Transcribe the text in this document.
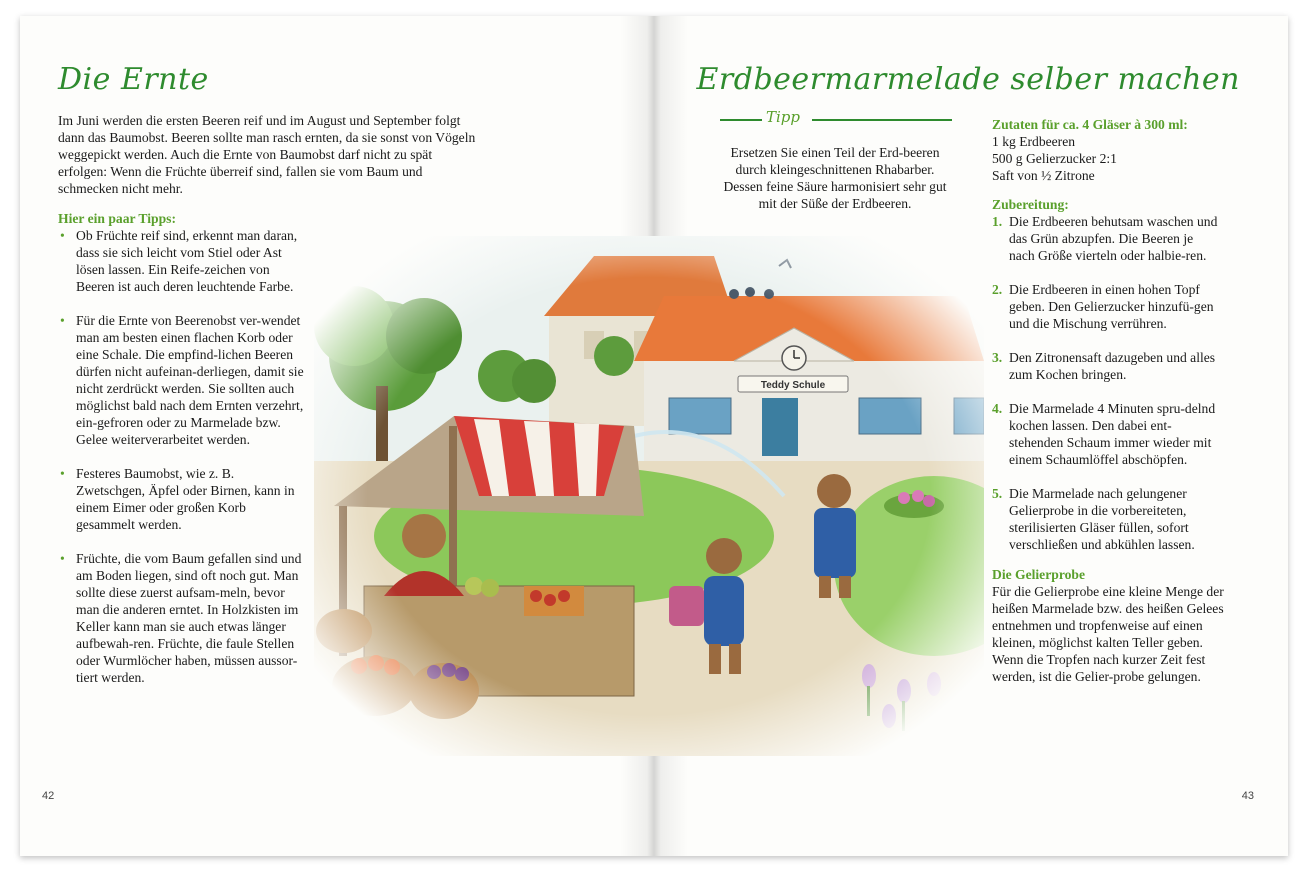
Die Ernte
Im Juni werden die ersten Beeren reif und im August und September folgt dann das Baumobst. Beeren sollte man rasch ernten, da sie sonst von Vögeln weggepickt werden. Auch die Ernte von Baumobst darf nicht zu spät erfolgen: Wenn die Früchte überreif sind, fallen sie vom Baum und schmecken nicht mehr.
Hier ein paar Tipps:
• Ob Früchte reif sind, erkennt man daran, dass sie sich leicht vom Stiel oder Ast lösen lassen. Ein Reife-zeichen von Beeren ist auch deren leuchtende Farbe.
• Für die Ernte von Beerenobst ver-wendet man am besten einen flachen Korb oder eine Schale. Die empfind-lichen Beeren dürfen nicht aufeinan-derliegen, damit sie nicht zerdrückt werden. Sie sollten auch möglichst bald nach dem Ernten verzehrt, ein-gefroren oder zu Marmelade bzw. Gelee weiterverarbeitet werden.
• Festeres Baumobst, wie z. B. Zwetschgen, Äpfel oder Birnen, kann in einem Eimer oder großen Korb gesammelt werden.
• Früchte, die vom Baum gefallen sind und am Boden liegen, sind oft noch gut. Man sollte diese zuerst aufsam-meln, bevor man die anderen erntet. In Holzkisten im Keller kann man sie auch etwas länger aufbewah-ren. Früchte, die faule Stellen oder Wurmlöcher haben, müssen aussor-tiert werden.
42
Erdbeermarmelade selber machen
Tipp
Ersetzen Sie einen Teil der Erd-beeren durch kleingeschnittenen Rhabarber. Dessen feine Säure harmonisiert sehr gut mit der Süße der Erdbeeren.
Zutaten für ca. 4 Gläser à 300 ml:
1 kg Erdbeeren
500 g Gelierzucker 2:1
Saft von ½ Zitrone
Zubereitung:
1. Die Erdbeeren behutsam waschen und das Grün abzupfen. Die Beeren je nach Größe vierteln oder halbie-ren.
2. Die Erdbeeren in einen hohen Topf geben. Den Gelierzucker hinzufü-gen und die Mischung verrühren.
3. Den Zitronensaft dazugeben und alles zum Kochen bringen.
4. Die Marmelade 4 Minuten spru-delnd kochen lassen. Den dabei ent-stehenden Schaum immer wieder mit einem Schaumlöffel abschöpfen.
5. Die Marmelade nach gelungener Gelierprobe in die vorbereiteten, sterilisierten Gläser füllen, sofort verschließen und abkühlen lassen.
Die Gelierprobe
Für die Gelierprobe eine kleine Menge der heißen Marmelade bzw. des heißen Gelees entnehmen und tropfenweise auf einen kleinen, möglichst kalten Teller geben. Wenn die Tropfen nach kurzer Zeit fest werden, ist die Gelier-probe gelungen.
43
